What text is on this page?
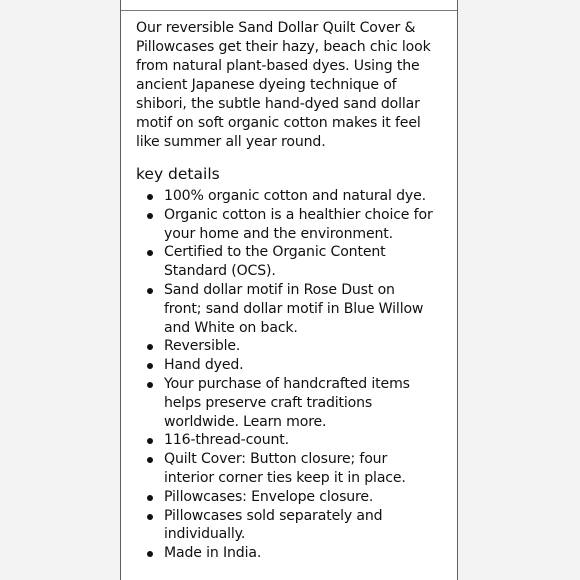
Our reversible Sand Dollar Quilt Cover & Pillowcases get their hazy, beach chic look from natural plant-based dyes. Using the ancient Japanese dyeing technique of shibori, the subtle hand-dyed sand dollar motif on soft organic cotton makes it feel like summer all year round.

key details
100% organic cotton and natural dye.
Organic cotton is a healthier choice for your home and the environment.
Certified to the Organic Content Standard (OCS).
Sand dollar motif in Rose Dust on front; sand dollar motif in Blue Willow and White on back.
Reversible.
Hand dyed.
Your purchase of handcrafted items helps preserve craft traditions worldwide. Learn more.
116-thread-count.
Quilt Cover: Button closure; four interior corner ties keep it in place.
Pillowcases: Envelope closure.
Pillowcases sold separately and individually.
Made in India.
